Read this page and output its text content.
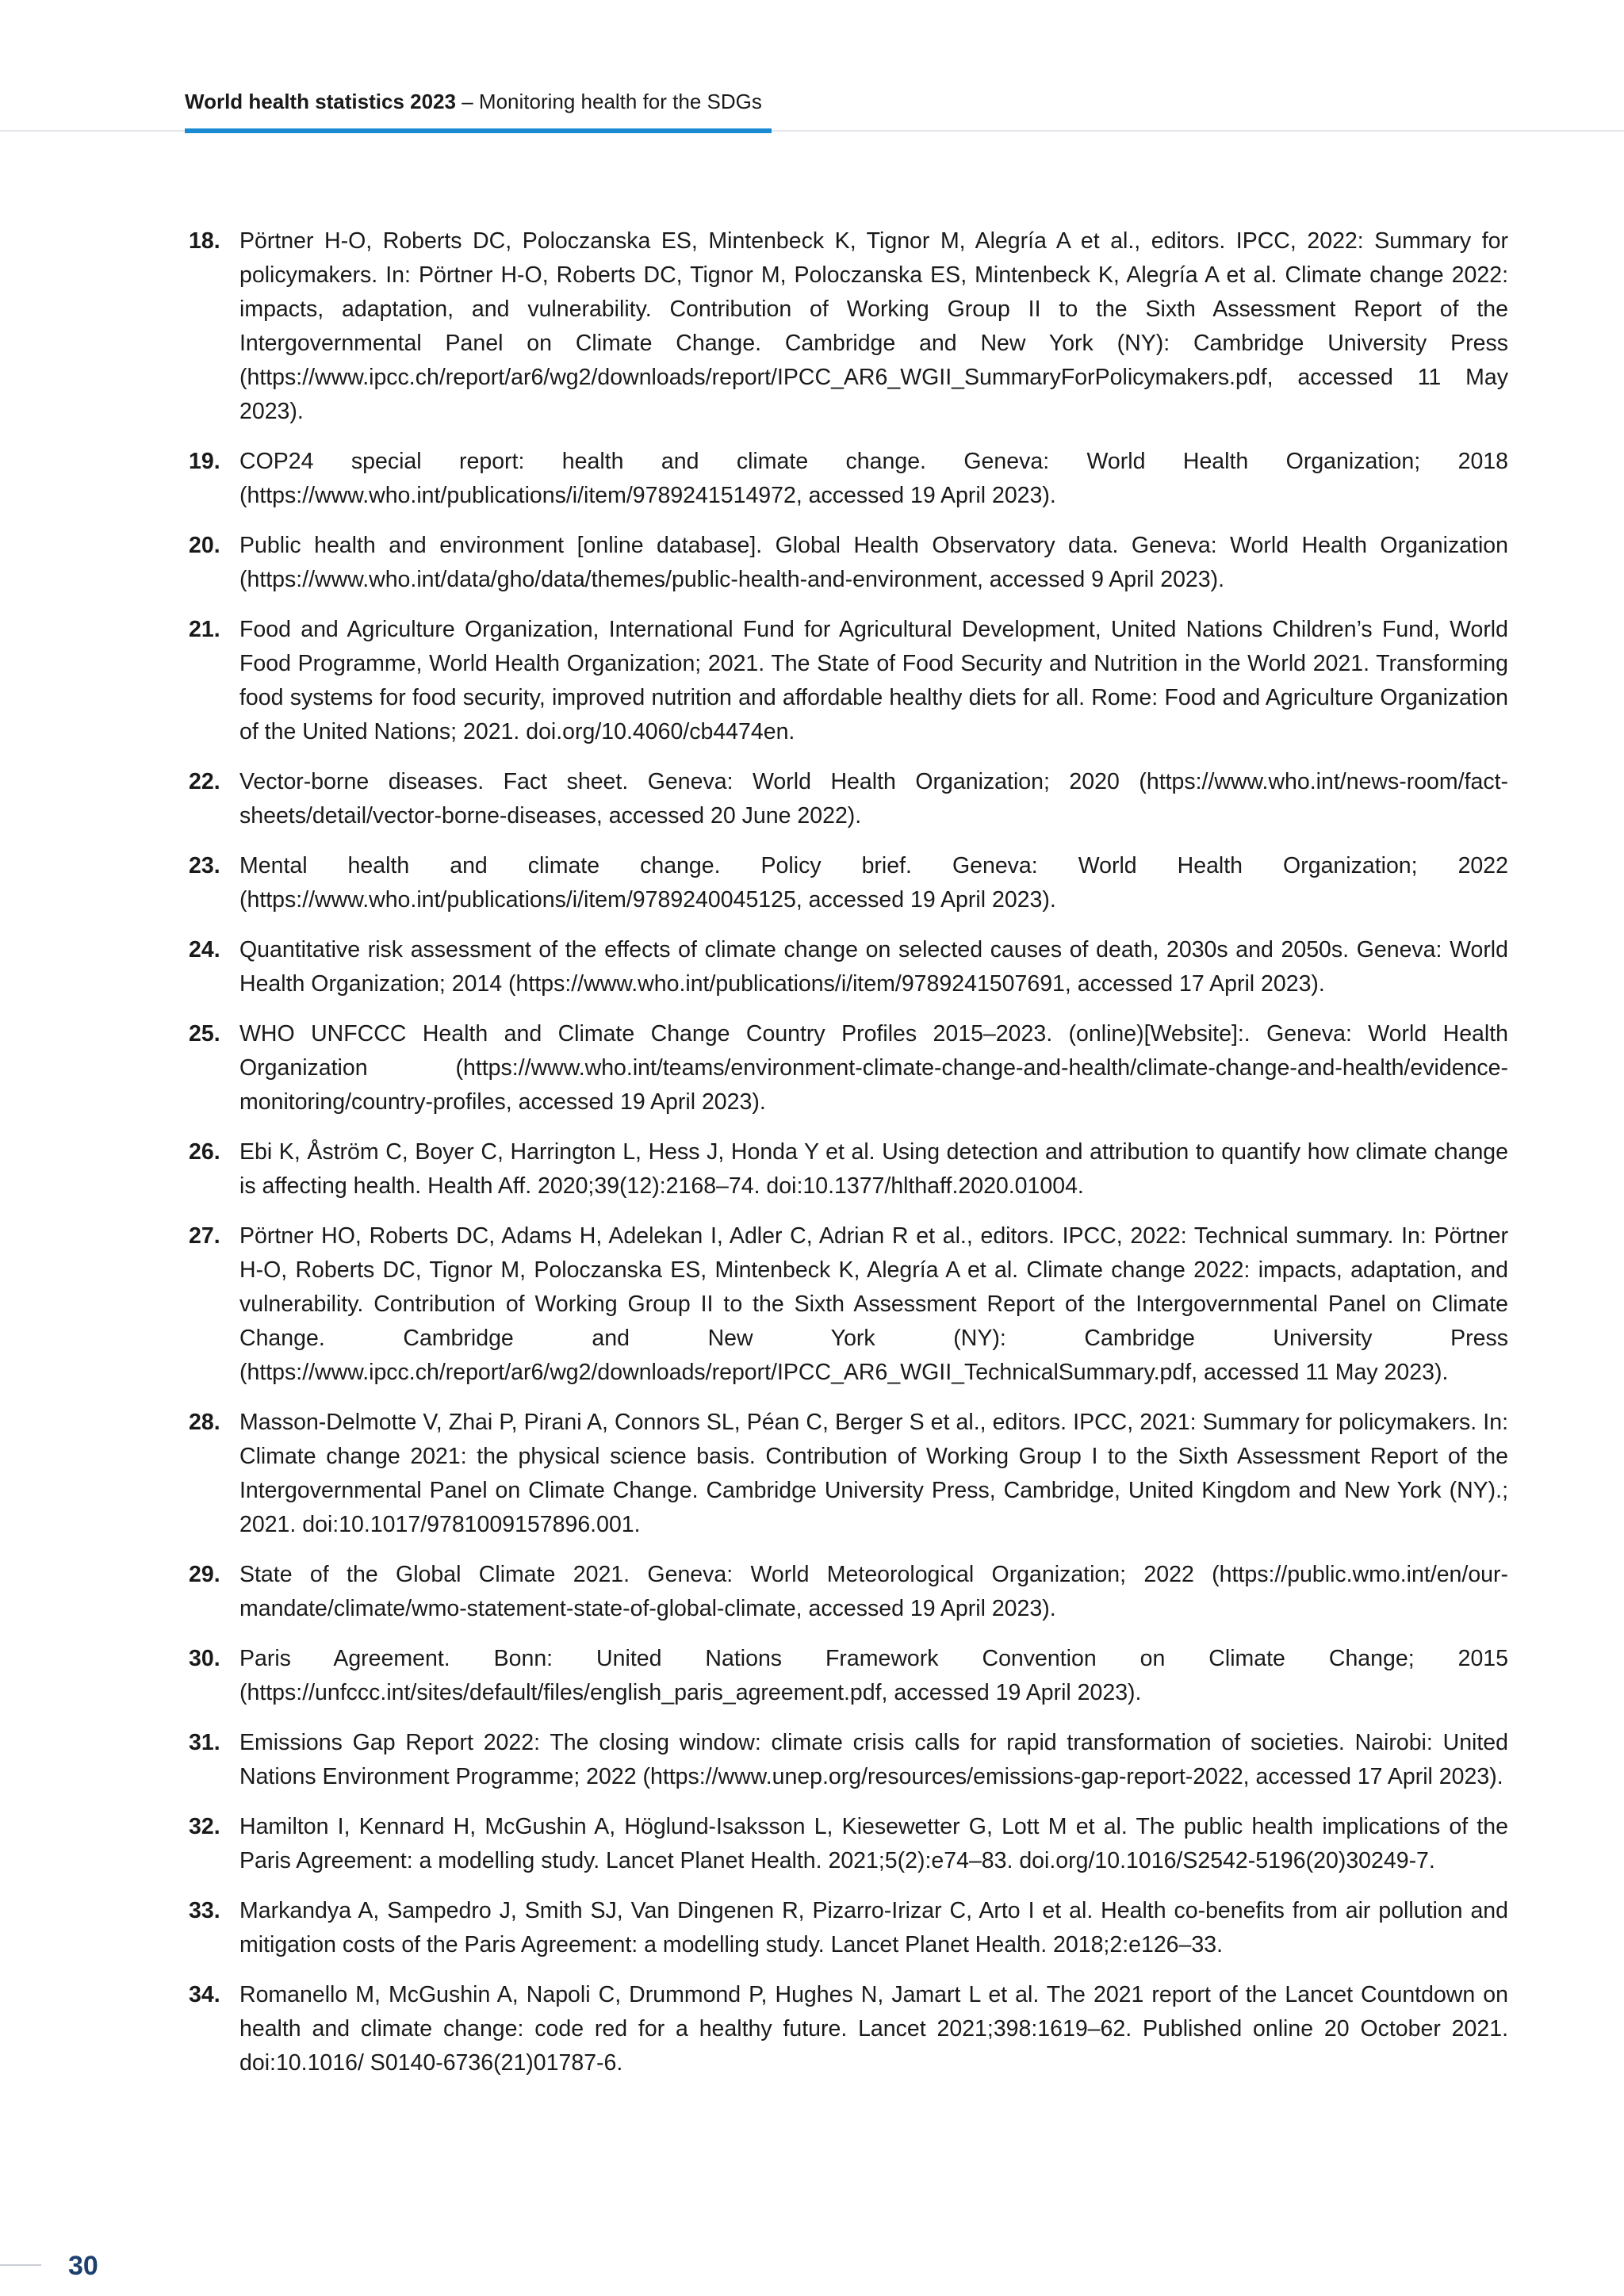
World health statistics 2023 – Monitoring health for the SDGs
18. Pörtner H-O, Roberts DC, Poloczanska ES, Mintenbeck K, Tignor M, Alegría A et al., editors. IPCC, 2022: Summary for policymakers. In: Pörtner H-O, Roberts DC, Tignor M, Poloczanska ES, Mintenbeck K, Alegría A et al. Climate change 2022: impacts, adaptation, and vulnerability. Contribution of Working Group II to the Sixth Assessment Report of the Intergovernmental Panel on Climate Change. Cambridge and New York (NY): Cambridge University Press (https://www.ipcc.ch/report/ar6/wg2/downloads/report/IPCC_AR6_WGII_SummaryForPolicymakers.pdf, accessed 11 May 2023).
19. COP24 special report: health and climate change. Geneva: World Health Organization; 2018 (https://www.who.int/publications/i/item/9789241514972, accessed 19 April 2023).
20. Public health and environment [online database]. Global Health Observatory data. Geneva: World Health Organization (https://www.who.int/data/gho/data/themes/public-health-and-environment, accessed 9 April 2023).
21. Food and Agriculture Organization, International Fund for Agricultural Development, United Nations Children’s Fund, World Food Programme, World Health Organization; 2021. The State of Food Security and Nutrition in the World 2021. Transforming food systems for food security, improved nutrition and affordable healthy diets for all. Rome: Food and Agriculture Organization of the United Nations; 2021. doi.org/10.4060/cb4474en.
22. Vector-borne diseases. Fact sheet. Geneva: World Health Organization; 2020 (https://www.who.int/news-room/fact-sheets/detail/vector-borne-diseases, accessed 20 June 2022).
23. Mental health and climate change. Policy brief. Geneva: World Health Organization; 2022 (https://www.who.int/publications/i/item/9789240045125, accessed 19 April 2023).
24. Quantitative risk assessment of the effects of climate change on selected causes of death, 2030s and 2050s. Geneva: World Health Organization; 2014 (https://www.who.int/publications/i/item/9789241507691, accessed 17 April 2023).
25. WHO UNFCCC Health and Climate Change Country Profiles 2015–2023. (online)[Website]:. Geneva: World Health Organization (https://www.who.int/teams/environment-climate-change-and-health/climate-change-and-health/evidence-monitoring/country-profiles, accessed 19 April 2023).
26. Ebi K, Åström C, Boyer C, Harrington L, Hess J, Honda Y et al. Using detection and attribution to quantify how climate change is affecting health. Health Aff. 2020;39(12):2168–74. doi:10.1377/hlthaff.2020.01004.
27. Pörtner HO, Roberts DC, Adams H, Adelekan I, Adler C, Adrian R et al., editors. IPCC, 2022: Technical summary. In: Pörtner H-O, Roberts DC, Tignor M, Poloczanska ES, Mintenbeck K, Alegría A et al. Climate change 2022: impacts, adaptation, and vulnerability. Contribution of Working Group II to the Sixth Assessment Report of the Intergovernmental Panel on Climate Change. Cambridge and New York (NY): Cambridge University Press (https://www.ipcc.ch/report/ar6/wg2/downloads/report/IPCC_AR6_WGII_TechnicalSummary.pdf, accessed 11 May 2023).
28. Masson-Delmotte V, Zhai P, Pirani A, Connors SL, Péan C, Berger S et al., editors. IPCC, 2021: Summary for policymakers. In: Climate change 2021: the physical science basis. Contribution of Working Group I to the Sixth Assessment Report of the Intergovernmental Panel on Climate Change. Cambridge University Press, Cambridge, United Kingdom and New York (NY).; 2021. doi:10.1017/9781009157896.001.
29. State of the Global Climate 2021. Geneva: World Meteorological Organization; 2022 (https://public.wmo.int/en/our-mandate/climate/wmo-statement-state-of-global-climate, accessed 19 April 2023).
30. Paris Agreement. Bonn: United Nations Framework Convention on Climate Change; 2015 (https://unfccc.int/sites/default/files/english_paris_agreement.pdf, accessed 19 April 2023).
31. Emissions Gap Report 2022: The closing window: climate crisis calls for rapid transformation of societies. Nairobi: United Nations Environment Programme; 2022 (https://www.unep.org/resources/emissions-gap-report-2022, accessed 17 April 2023).
32. Hamilton I, Kennard H, McGushin A, Höglund-Isaksson L, Kiesewetter G, Lott M et al. The public health implications of the Paris Agreement: a modelling study. Lancet Planet Health. 2021;5(2):e74–83. doi.org/10.1016/S2542-5196(20)30249-7.
33. Markandya A, Sampedro J, Smith SJ, Van Dingenen R, Pizarro-Irizar C, Arto I et al. Health co-benefits from air pollution and mitigation costs of the Paris Agreement: a modelling study. Lancet Planet Health. 2018;2:e126–33.
34. Romanello M, McGushin A, Napoli C, Drummond P, Hughes N, Jamart L et al. The 2021 report of the Lancet Countdown on health and climate change: code red for a healthy future. Lancet 2021;398:1619–62. Published online 20 October 2021. doi:10.1016/ S0140-6736(21)01787-6.
30
